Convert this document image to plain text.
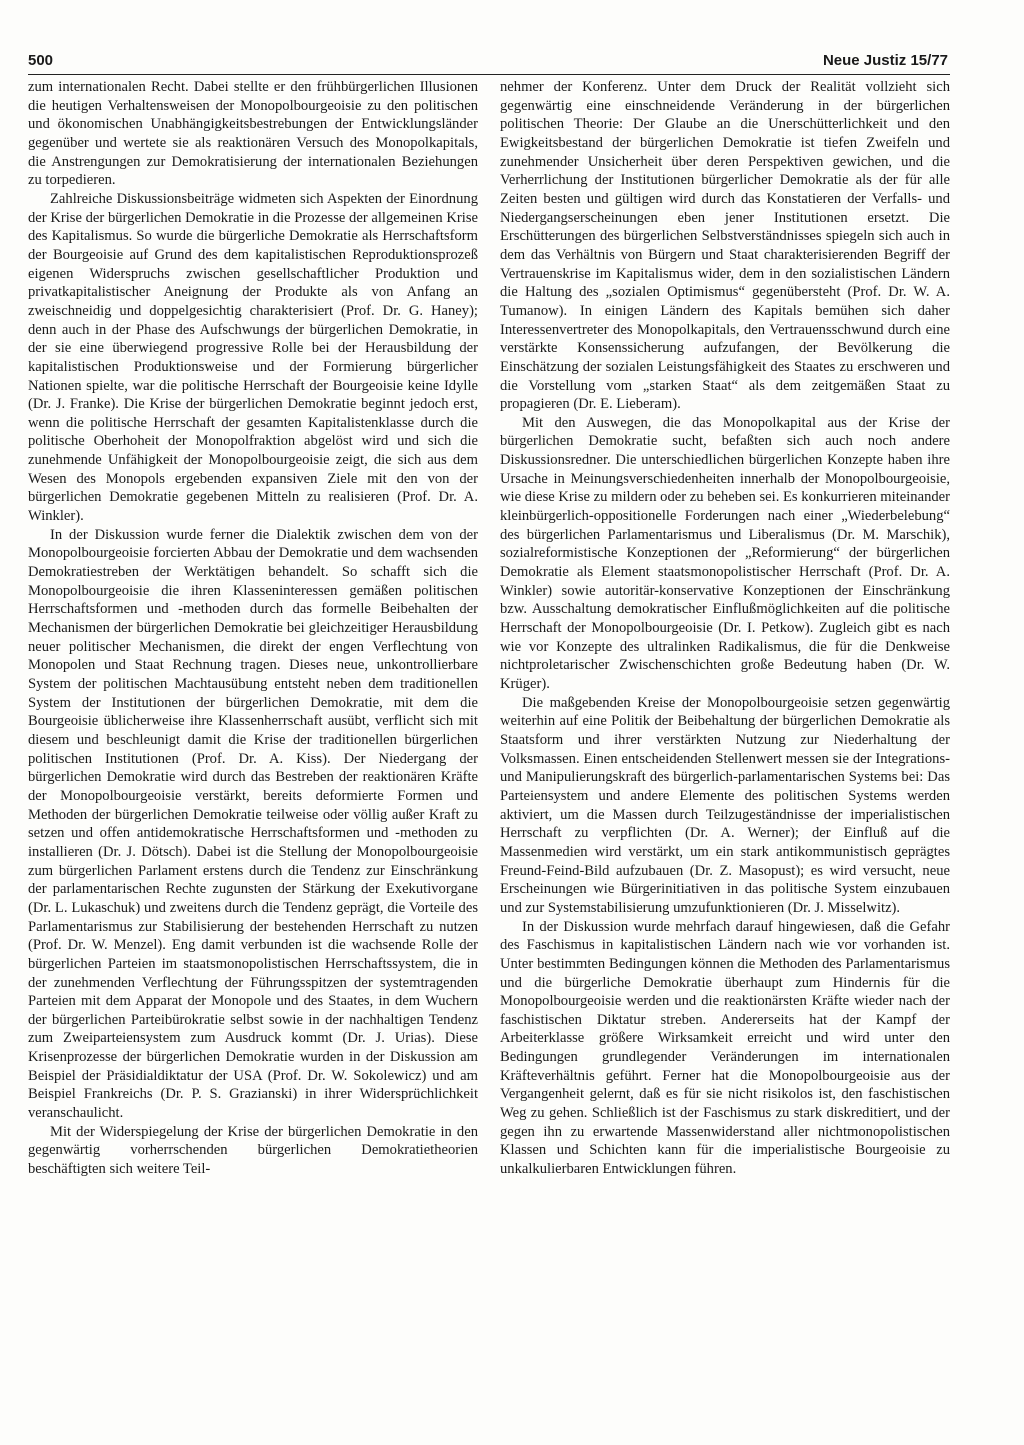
500	Neue Justiz 15/77

zum internationalen Recht. Dabei stellte er den frühbürgerlichen Illusionen die heutigen Verhaltensweisen der Monopolbourgeoisie zu den politischen und ökonomischen Unabhängigkeitsbestrebungen der Entwicklungsländer gegenüber und wertete sie als reaktionären Versuch des Monopolkapitals, die Anstrengungen zur Demokratisierung der internationalen Beziehungen zu torpedieren.

Zahlreiche Diskussionsbeiträge widmeten sich Aspekten der Einordnung der Krise der bürgerlichen Demokratie in die Prozesse der allgemeinen Krise des Kapitalismus. So wurde die bürgerliche Demokratie als Herrschaftsform der Bourgeoisie auf Grund des dem kapitalistischen Reproduktionsprozeß eigenen Widerspruchs zwischen gesellschaftlicher Produktion und privatkapitalistischer Aneignung der Produkte als von Anfang an zweischneidig und doppelgesichtig charakterisiert (Prof. Dr. G. Haney); denn auch in der Phase des Aufschwungs der bürgerlichen Demokratie, in der sie eine überwiegend progressive Rolle bei der Herausbildung der kapitalistischen Produktionsweise und der Formierung bürgerlicher Nationen spielte, war die politische Herrschaft der Bourgeoisie keine Idylle (Dr. J. Franke). Die Krise der bürgerlichen Demokratie beginnt jedoch erst, wenn die politische Herrschaft der gesamten Kapitalistenklasse durch die politische Oberhoheit der Monopolfraktion abgelöst wird und sich die zunehmende Unfähigkeit der Monopolbourgeoisie zeigt, die sich aus dem Wesen des Monopols ergebenden expansiven Ziele mit den von der bürgerlichen Demokratie gegebenen Mitteln zu realisieren (Prof. Dr. A. Winkler).

In der Diskussion wurde ferner die Dialektik zwischen dem von der Monopolbourgeoisie forcierten Abbau der Demokratie und dem wachsenden Demokratiestreben der Werktätigen behandelt. So schafft sich die Monopolbourgeoisie die ihren Klasseninteressen gemäßen politischen Herrschaftsformen und -methoden durch das formelle Beibehalten der Mechanismen der bürgerlichen Demokratie bei gleichzeitiger Herausbildung neuer politischer Mechanismen, die direkt der engen Verflechtung von Monopolen und Staat Rechnung tragen. Dieses neue, unkontrollierbare System der politischen Machtausübung entsteht neben dem traditionellen System der Institutionen der bürgerlichen Demokratie, mit dem die Bourgeoisie üblicherweise ihre Klassenherrschaft ausübt, verflicht sich mit diesem und beschleunigt damit die Krise der traditionellen bürgerlichen politischen Institutionen (Prof. Dr. A. Kiss). Der Niedergang der bürgerlichen Demokratie wird durch das Bestreben der reaktionären Kräfte der Monopolbourgeoisie verstärkt, bereits deformierte Formen und Methoden der bürgerlichen Demokratie teilweise oder völlig außer Kraft zu setzen und offen antidemokratische Herrschaftsformen und -methoden zu installieren (Dr. J. Dötsch). Dabei ist die Stellung der Monopolbourgeoisie zum bürgerlichen Parlament erstens durch die Tendenz zur Einschränkung der parlamentarischen Rechte zugunsten der Stärkung der Exekutivorgane (Dr. L. Lukaschuk) und zweitens durch die Tendenz geprägt, die Vorteile des Parlamentarismus zur Stabilisierung der bestehenden Herrschaft zu nutzen (Prof. Dr. W. Menzel). Eng damit verbunden ist die wachsende Rolle der bürgerlichen Parteien im staatsmonopolistischen Herrschaftssystem, die in der zunehmenden Verflechtung der Führungsspitzen der systemtragenden Parteien mit dem Apparat der Monopole und des Staates, in dem Wuchern der bürgerlichen Parteibürokratie selbst sowie in der nachhaltigen Tendenz zum Zweiparteiensystem zum Ausdruck kommt (Dr. J. Urias). Diese Krisenprozesse der bürgerlichen Demokratie wurden in der Diskussion am Beispiel der Präsidialdiktatur der USA (Prof. Dr. W. Sokolewicz) und am Beispiel Frankreichs (Dr. P. S. Grazianski) in ihrer Widersprüchlichkeit veranschaulicht.

Mit der Widerspiegelung der Krise der bürgerlichen Demokratie in den gegenwärtig vorherrschenden bürgerlichen Demokratietheorien beschäftigten sich weitere Teil-

nehmer der Konferenz. Unter dem Druck der Realität vollzieht sich gegenwärtig eine einschneidende Veränderung in der bürgerlichen politischen Theorie: Der Glaube an die Unerschütterlichkeit und den Ewigkeitsbestand der bürgerlichen Demokratie ist tiefen Zweifeln und zunehmender Unsicherheit über deren Perspektiven gewichen, und die Verherrlichung der Institutionen bürgerlicher Demokratie als der für alle Zeiten besten und gültigen wird durch das Konstatieren der Verfalls- und Niedergangserscheinungen eben jener Institutionen ersetzt. Die Erschütterungen des bürgerlichen Selbstverständnisses spiegeln sich auch in dem das Verhältnis von Bürgern und Staat charakterisierenden Begriff der Vertrauenskrise im Kapitalismus wider, dem in den sozialistischen Ländern die Haltung des „sozialen Optimismus“ gegenübersteht (Prof. Dr. W. A. Tumanow). In einigen Ländern des Kapitals bemühen sich daher Interessenvertreter des Monopolkapitals, den Vertrauensschwund durch eine verstärkte Konsenssicherung aufzufangen, der Bevölkerung die Einschätzung der sozialen Leistungsfähigkeit des Staates zu erschweren und die Vorstellung vom „starken Staat“ als dem zeitgemäßen Staat zu propagieren (Dr. E. Lieberam).

Mit den Auswegen, die das Monopolkapital aus der Krise der bürgerlichen Demokratie sucht, befaßten sich auch noch andere Diskussionsredner. Die unterschiedlichen bürgerlichen Konzepte haben ihre Ursache in Meinungsverschiedenheiten innerhalb der Monopolbourgeoisie, wie diese Krise zu mildern oder zu beheben sei. Es konkurrieren miteinander kleinbürgerlich-oppositionelle Forderungen nach einer „Wiederbelebung“ des bürgerlichen Parlamentarismus und Liberalismus (Dr. M. Marschik), sozialreformistische Konzeptionen der „Reformierung“ der bürgerlichen Demokratie als Element staatsmonopolistischer Herrschaft (Prof. Dr. A. Winkler) sowie autoritär-konservative Konzeptionen der Einschränkung bzw. Ausschaltung demokratischer Einflußmöglichkeiten auf die politische Herrschaft der Monopolbourgeoisie (Dr. I. Petkow). Zugleich gibt es nach wie vor Konzepte des ultralinken Radikalismus, die für die Denkweise nichtproletarischer Zwischenschichten große Bedeutung haben (Dr. W. Krüger).

Die maßgebenden Kreise der Monopolbourgeoisie setzen gegenwärtig weiterhin auf eine Politik der Beibehaltung der bürgerlichen Demokratie als Staatsform und ihrer verstärkten Nutzung zur Niederhaltung der Volksmassen. Einen entscheidenden Stellenwert messen sie der Integrations- und Manipulierungskraft des bürgerlich-parlamentarischen Systems bei: Das Parteiensystem und andere Elemente des politischen Systems werden aktiviert, um die Massen durch Teilzugeständnisse der imperialistischen Herrschaft zu verpflichten (Dr. A. Werner); der Einfluß auf die Massenmedien wird verstärkt, um ein stark antikommunistisch geprägtes Freund-Feind-Bild aufzubauen (Dr. Z. Masopust); es wird versucht, neue Erscheinungen wie Bürgerinitiativen in das politische System einzubauen und zur Systemstabilisierung umzufunktionieren (Dr. J. Misselwitz).

In der Diskussion wurde mehrfach darauf hingewiesen, daß die Gefahr des Faschismus in kapitalistischen Ländern nach wie vor vorhanden ist. Unter bestimmten Bedingungen können die Methoden des Parlamentarismus und die bürgerliche Demokratie überhaupt zum Hindernis für die Monopolbourgeoisie werden und die reaktionärsten Kräfte wieder nach der faschistischen Diktatur streben. Andererseits hat der Kampf der Arbeiterklasse größere Wirksamkeit erreicht und wird unter den Bedingungen grundlegender Veränderungen im internationalen Kräfteverhältnis geführt. Ferner hat die Monopolbourgeoisie aus der Vergangenheit gelernt, daß es für sie nicht risikolos ist, den faschistischen Weg zu gehen. Schließlich ist der Faschismus zu stark diskreditiert, und der gegen ihn zu erwartende Massenwiderstand aller nichtmonopolistischen Klassen und Schichten kann für die imperialistische Bourgeoisie zu unkalkulierbaren Entwicklungen führen.
